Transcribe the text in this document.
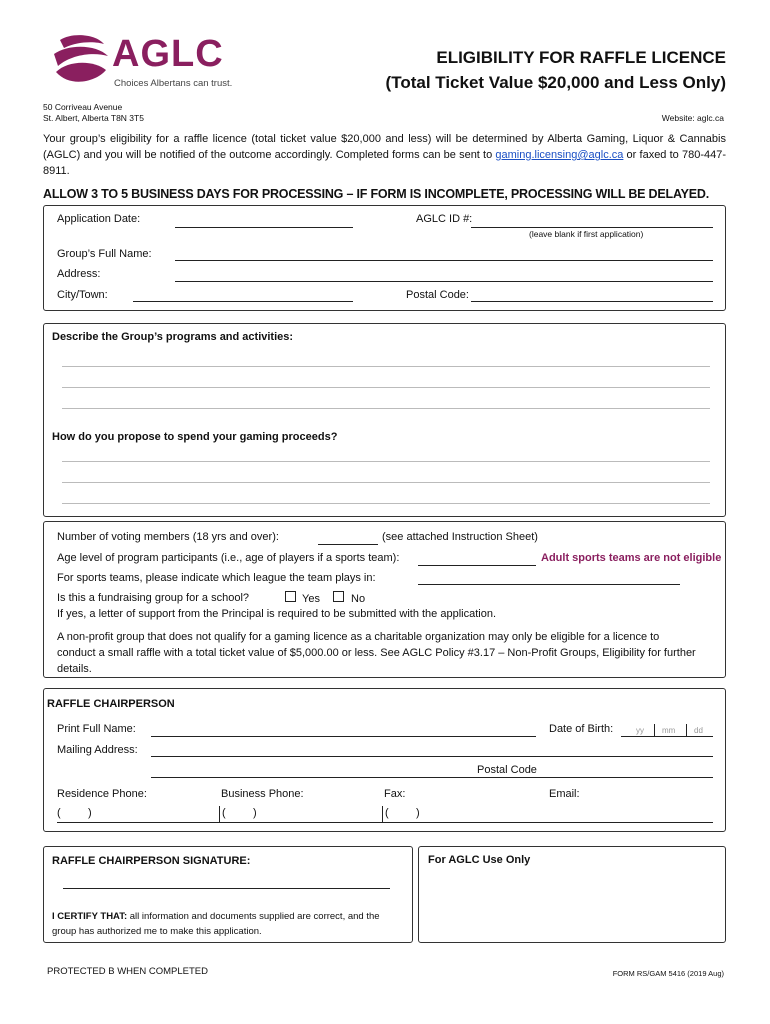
AGLC
Choices Albertans can trust.
ELIGIBILITY FOR RAFFLE LICENCE
(Total Ticket Value $20,000 and Less Only)
50 Corriveau Avenue
St. Albert, Alberta T8N 3T5	Website: aglc.ca
Your group’s eligibility for a raffle licence (total ticket value $20,000 and less) will be determined by Alberta Gaming, Liquor & Cannabis (AGLC) and you will be notified of the outcome accordingly. Completed forms can be sent to gaming.licensing@aglc.ca or faxed to 780-447-8911.
ALLOW 3 TO 5 BUSINESS DAYS FOR PROCESSING – IF FORM IS INCOMPLETE, PROCESSING WILL BE DELAYED.
Application Date:	AGLC ID #:
(leave blank if first application)
Group’s Full Name:
Address:
City/Town:	Postal Code:
Describe the Group’s programs and activities:
How do you propose to spend your gaming proceeds?
Number of voting members (18 yrs and over):	(see attached Instruction Sheet)
Age level of program participants (i.e., age of players if a sports team):	Adult sports teams are not eligible
For sports teams, please indicate which league the team plays in:
Is this a fundraising group for a school?	Yes	No
If yes, a letter of support from the Principal is required to be submitted with the application.
A non-profit group that does not qualify for a gaming licence as a charitable organization may only be eligible for a licence to conduct a small raffle with a total ticket value of $5,000.00 or less. See AGLC Policy #3.17 – Non-Profit Groups, Eligibility for further details.
RAFFLE CHAIRPERSON
Print Full Name:	Date of Birth:	yy mm dd
Mailing Address:
Postal Code
Residence Phone:	Business Phone:	Fax:	Email:
( )	( )	( )
RAFFLE CHAIRPERSON SIGNATURE:
I CERTIFY THAT: all information and documents supplied are correct, and the group has authorized me to make this application.
For AGLC Use Only
PROTECTED B WHEN COMPLETED	FORM RS/GAM 5416 (2019 Aug)
